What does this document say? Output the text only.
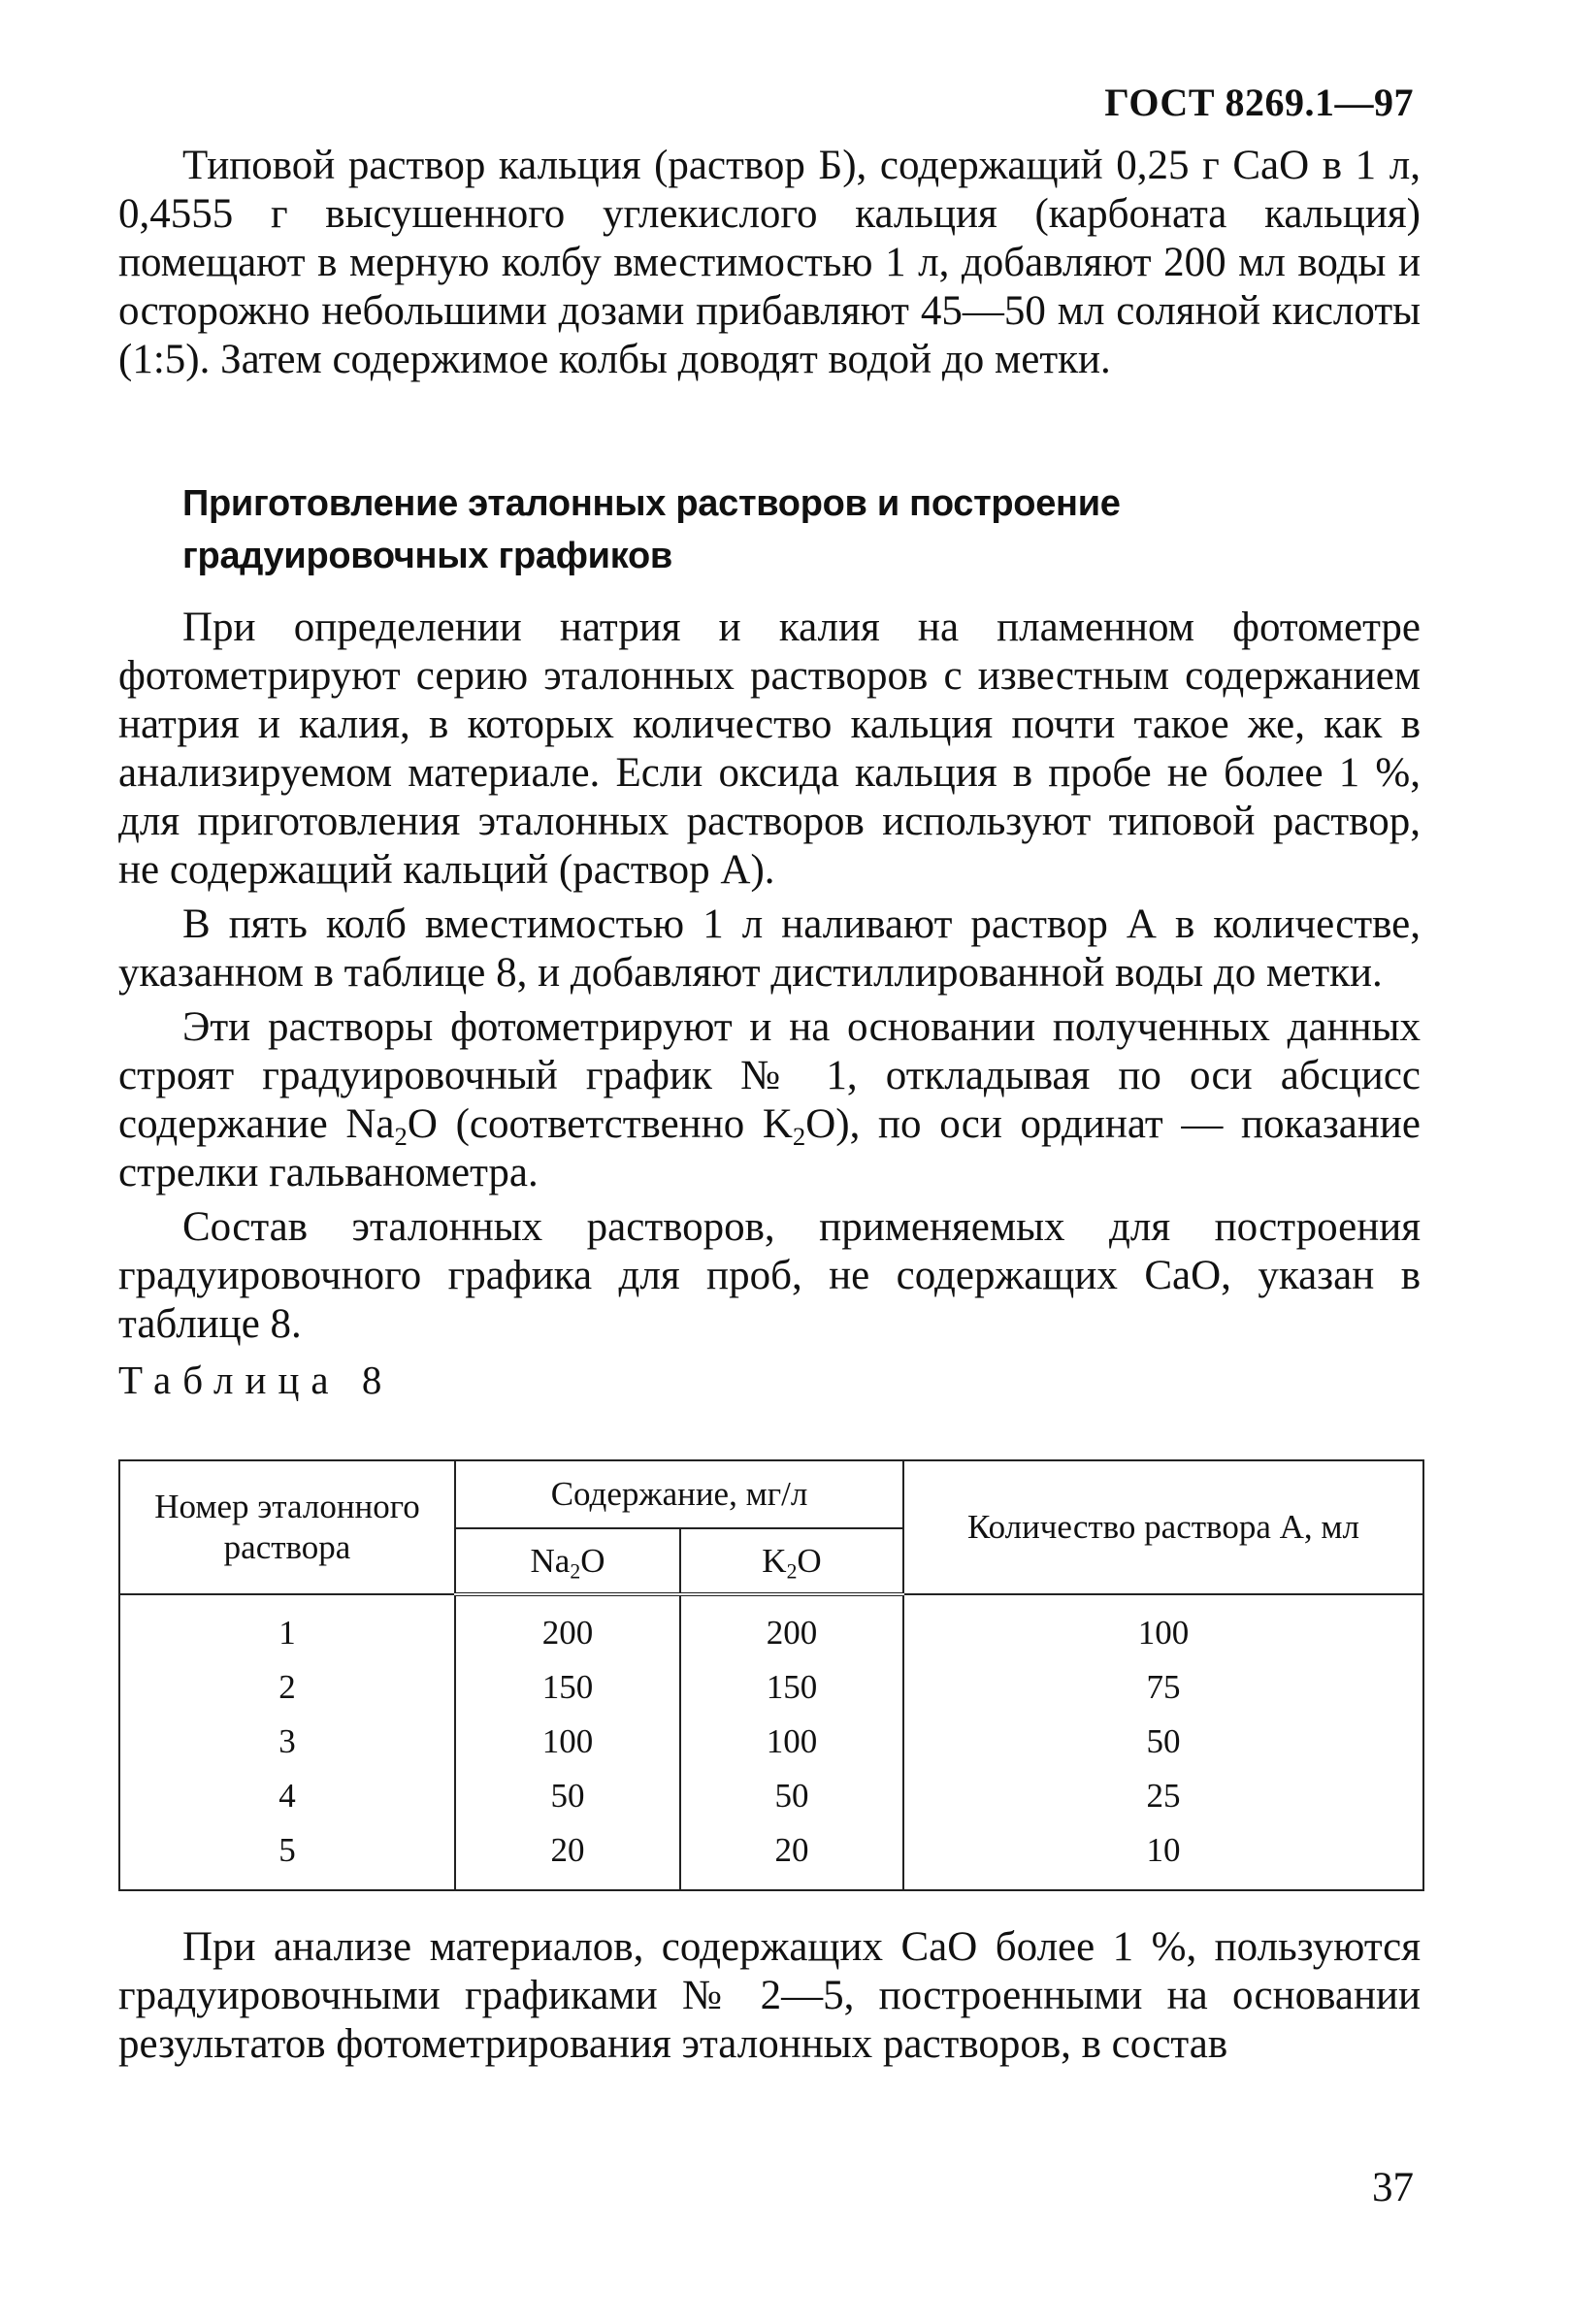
ГОСТ 8269.1—97

Типовой раствор кальция (раствор Б), содержащий 0,25 г CaO в 1 л, 0,4555 г высушенного углекислого кальция (карбоната кальция) помещают в мерную колбу вместимостью 1 л, добавляют 200 мл воды и осторожно небольшими дозами прибавляют 45—50 мл соляной кислоты (1:5). Затем содержимое колбы доводят водой до метки.

Приготовление эталонных растворов и построение

градуировочных графиков

При определении натрия и калия на пламенном фотометре фотометрируют серию эталонных растворов с известным содержанием натрия и калия, в которых количество кальция почти такое же, как в анализируемом материале. Если оксида кальция в пробе не более 1 %, для приготовления эталонных растворов используют типовой раствор, не содержащий кальций (раствор А).

В пять колб вместимостью 1 л наливают раствор А в количестве, указанном в таблице 8, и добавляют дистиллированной воды до метки.

Эти растворы фотометрируют и на основании полученных данных строят градуировочный график № 1, откладывая по оси абсцисс содержание $Na_2O$ (соответственно $K_2O$), по оси ординат — показание стрелки гальванометра.

Состав эталонных растворов, применяемых для построения градуировочного графика для проб, не содержащих CaO, указан в таблице 8.

Таблица 8

Номер эталонного раствора	Содержание, мг/л		Количество раствора А, мл
	$Na_2O$	$K_2O$	
1	200	200	100
2	150	150	75
3	100	100	50
4	50	50	25
5	20	20	10

При анализе материалов, содержащих CaO более 1 %, пользуются градуировочными графиками № 2—5, построенными на основании результатов фотометрирования эталонных растворов, в состав

37
